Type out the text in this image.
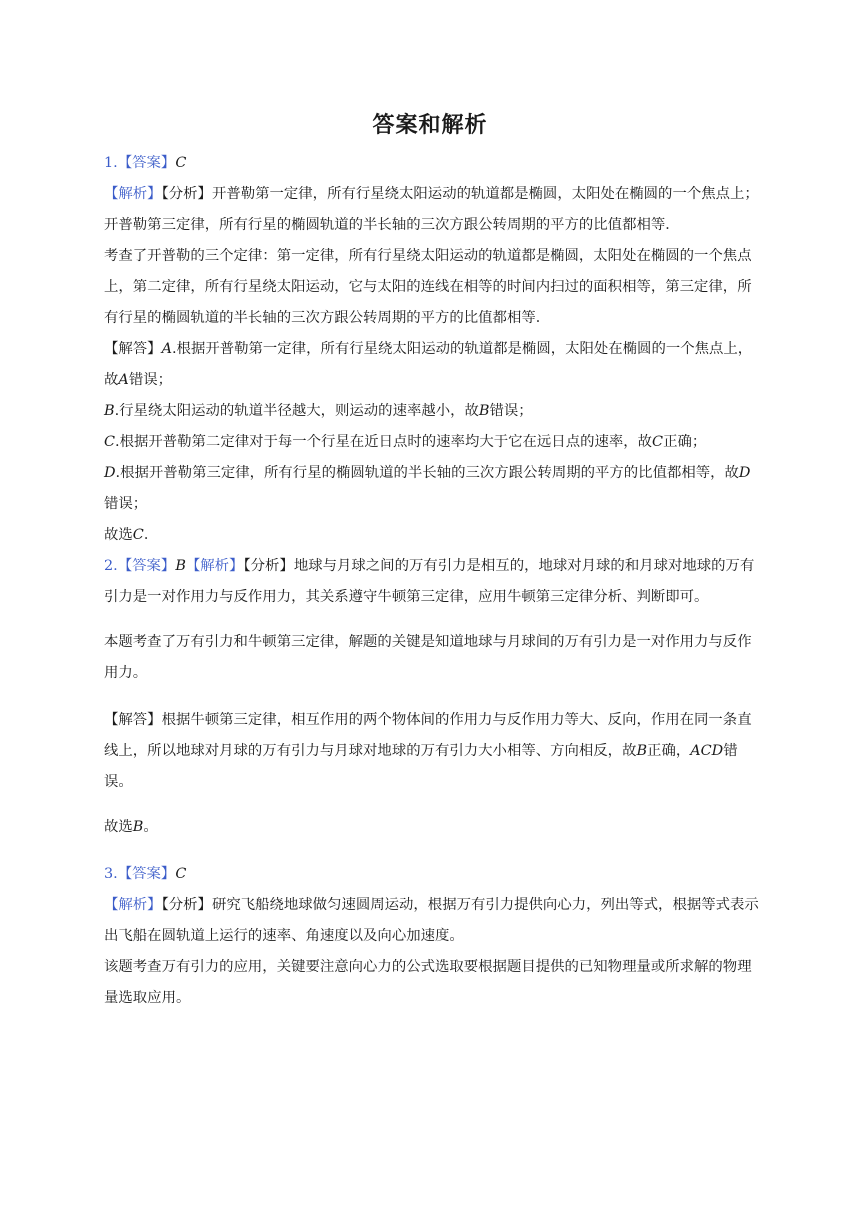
答案和解析

1.【答案】C

【解析】【分析】开普勒第一定律，所有行星绕太阳运动的轨道都是椭圆，太阳处在椭圆的一个焦点上；开普勒第三定律，所有行星的椭圆轨道的半长轴的三次方跟公转周期的平方的比值都相等．

考查了开普勒的三个定律：第一定律，所有行星绕太阳运动的轨道都是椭圆，太阳处在椭圆的一个焦点上，第二定律，所有行星绕太阳运动，它与太阳的连线在相等的时间内扫过的面积相等，第三定律，所有行星的椭圆轨道的半长轴的三次方跟公转周期的平方的比值都相等．

【解答】A.根据开普勒第一定律，所有行星绕太阳运动的轨道都是椭圆，太阳处在椭圆的一个焦点上，故A错误；

B.行星绕太阳运动的轨道半径越大，则运动的速率越小，故B错误；

C.根据开普勒第二定律对于每一个行星在近日点时的速率均大于它在远日点的速率，故C正确；

D.根据开普勒第三定律，所有行星的椭圆轨道的半长轴的三次方跟公转周期的平方的比值都相等，故D错误；

故选C．

2.【答案】B【解析】【分析】地球与月球之间的万有引力是相互的，地球对月球的和月球对地球的万有引力是一对作用力与反作用力，其关系遵守牛顿第三定律，应用牛顿第三定律分析、判断即可。

本题考查了万有引力和牛顿第三定律，解题的关键是知道地球与月球间的万有引力是一对作用力与反作用力。

【解答】根据牛顿第三定律，相互作用的两个物体间的作用力与反作用力等大、反向，作用在同一条直线上，所以地球对月球的万有引力与月球对地球的万有引力大小相等、方向相反，故B正确，ACD错误。

故选B。

3.【答案】C

【解析】【分析】研究飞船绕地球做匀速圆周运动，根据万有引力提供向心力，列出等式，根据等式表示出飞船在圆轨道上运行的速率、角速度以及向心加速度。

该题考查万有引力的应用，关键要注意向心力的公式选取要根据题目提供的已知物理量或所求解的物理量选取应用。
